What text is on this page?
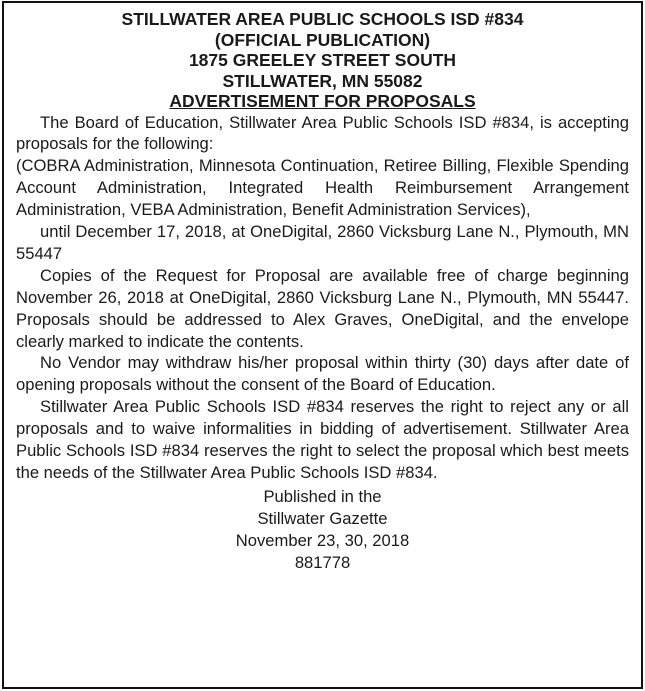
STILLWATER AREA PUBLIC SCHOOLS ISD #834
(OFFICIAL PUBLICATION)
1875 GREELEY STREET SOUTH
STILLWATER, MN 55082
ADVERTISEMENT FOR PROPOSALS

The Board of Education, Stillwater Area Public Schools ISD #834, is accepting proposals for the following:

(COBRA Administration, Minnesota Continuation, Retiree Billing, Flexible Spending Account Administration, Integrated Health Reimbursement Arrangement Administration, VEBA Administration, Benefit Administration Services),

until December 17, 2018, at OneDigital, 2860 Vicksburg Lane N., Plymouth, MN 55447

Copies of the Request for Proposal are available free of charge beginning November 26, 2018 at OneDigital, 2860 Vicksburg Lane N., Plymouth, MN 55447. Proposals should be addressed to Alex Graves, OneDigital, and the envelope clearly marked to indicate the contents.

No Vendor may withdraw his/her proposal within thirty (30) days after date of opening proposals without the consent of the Board of Education.

Stillwater Area Public Schools ISD #834 reserves the right to reject any or all proposals and to waive informalities in bidding of advertisement. Stillwater Area Public Schools ISD #834 reserves the right to select the proposal which best meets the needs of the Stillwater Area Public Schools ISD #834.

Published in the
Stillwater Gazette
November 23, 30, 2018
881778
